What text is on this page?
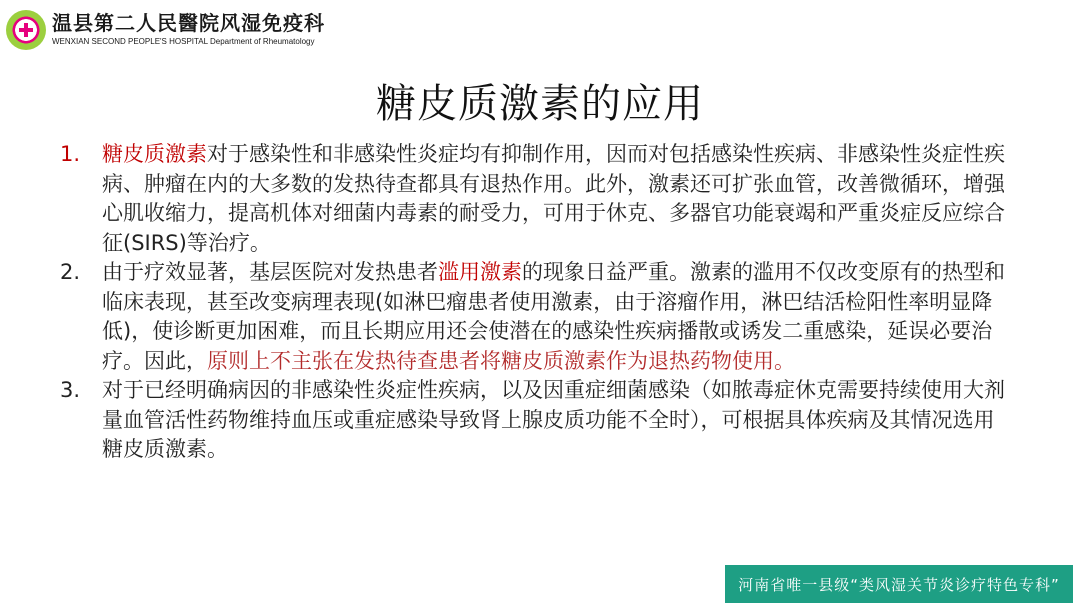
温县第二人民醫院风湿免疫科
WENXIAN SECOND PEOPLE'S HOSPITAL Department of Rheumatology
糖皮质激素的应用
1.	糖皮质激素对于感染性和非感染性炎症均有抑制作用，因而对包括感染性疾病、非感染性炎症性疾病、肿瘤在内的大多数的发热待查都具有退热作用。此外，激素还可扩张血管，改善微循环，增强心肌收缩力，提高机体对细菌内毒素的耐受力，可用于休克、多器官功能衰竭和严重炎症反应综合征(SIRS)等治疗。
2.	由于疗效显著，基层医院对发热患者滥用激素的现象日益严重。激素的滥用不仅改变原有的热型和临床表现，甚至改变病理表现(如淋巴瘤患者使用激素，由于溶瘤作用，淋巴结活检阳性率明显降低)，使诊断更加困难，而且长期应用还会使潜在的感染性疾病播散或诱发二重感染，延误必要治疗。因此，原则上不主张在发热待查患者将糖皮质激素作为退热药物使用。
3.	对于已经明确病因的非感染性炎症性疾病，以及因重症细菌感染（如脓毒症休克需要持续使用大剂量血管活性药物维持血压或重症感染导致肾上腺皮质功能不全时），可根据具体疾病及其情况选用糖皮质激素。
河南省唯一县级“类风湿关节炎诊疗特色专科”
